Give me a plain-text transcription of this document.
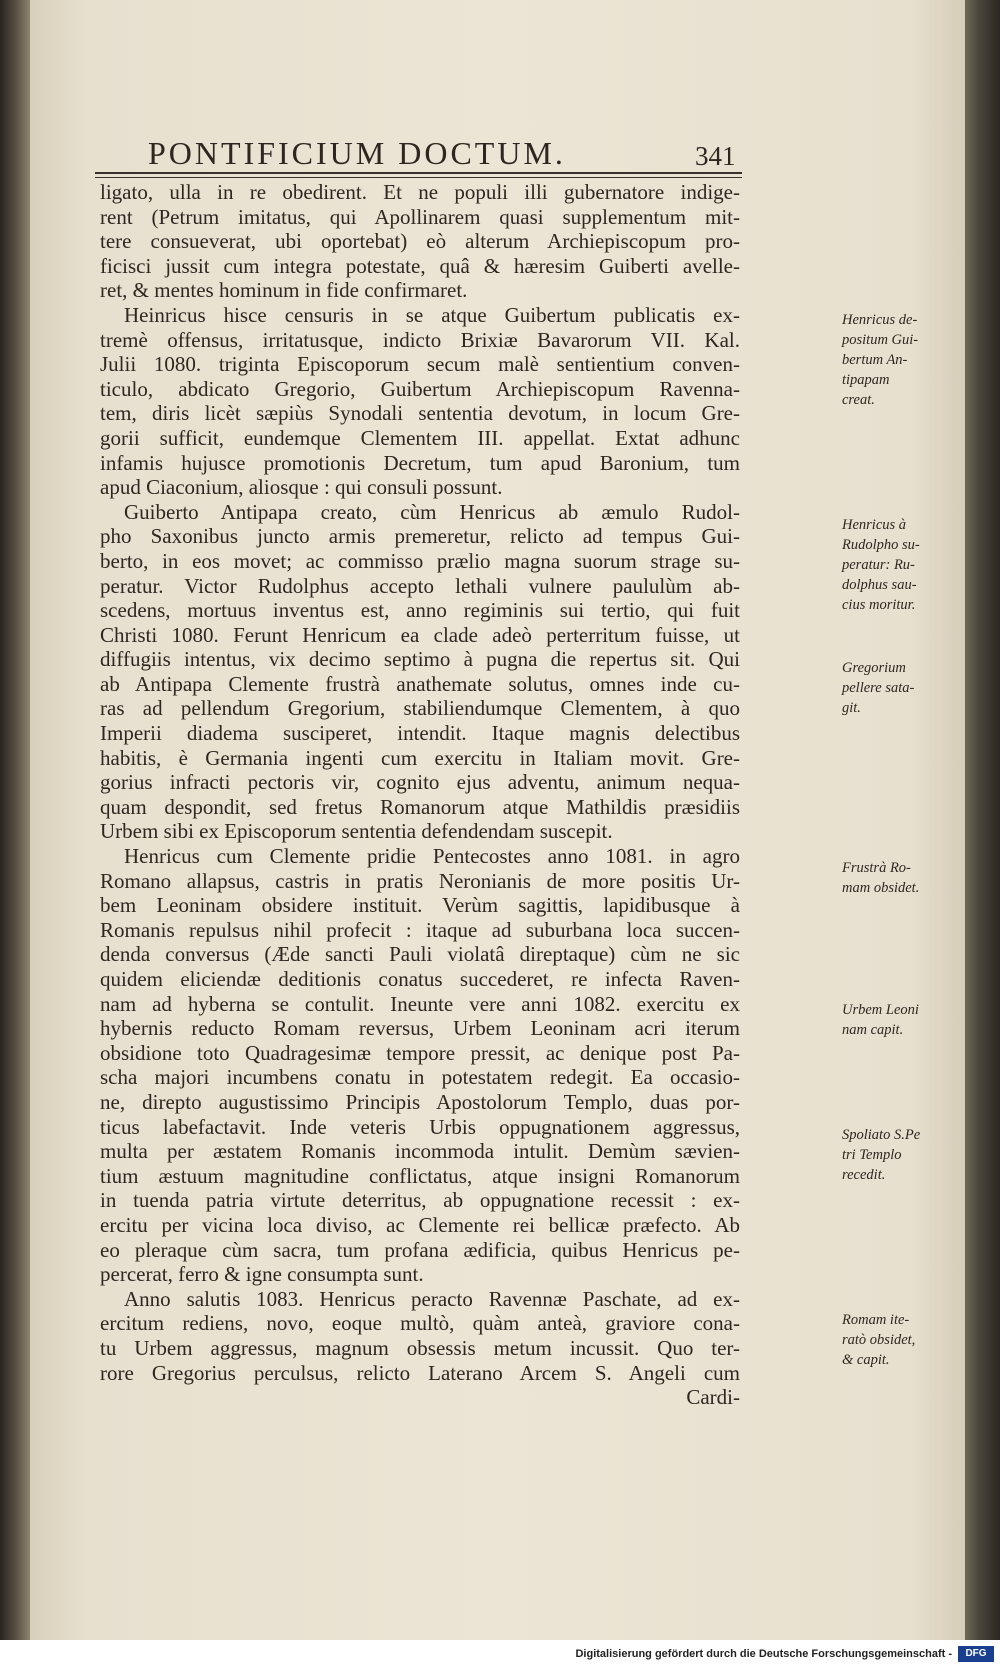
PONTIFICIUM DOCTUM.	341
ligato, ulla in re obedirent. Et ne populi illi gubernatore indige-
rent (Petrum imitatus, qui Apollinarem quasi supplementum mit-
tere consueverat, ubi oportebat) eò alterum Archiepiscopum pro-
ficisci jussit cum integra potestate, quâ & hæresim Guiberti avelle-
ret, & mentes hominum in fide confirmaret.
Heinricus hisce censuris in se atque Guibertum publicatis ex-
tremè offensus, irritatusque, indicto Brixiæ Bavarorum VII. Kal.
Julii 1080. triginta Episcoporum secum malè sentientium conven-
ticulo, abdicato Gregorio, Guibertum Archiepiscopum Ravenna-
tem, diris licèt sæpiùs Synodali sententia devotum, in locum Gre-
gorii sufficit, eundemque Clementem III. appellat. Extat adhunc
infamis hujusce promotionis Decretum, tum apud Baronium, tum
apud Ciaconium, aliosque : qui consuli possunt.
Guiberto Antipapa creato, cùm Henricus ab æmulo Rudol-
pho Saxonibus juncto armis premeretur, relicto ad tempus Gui-
berto, in eos movet; ac commisso prælio magna suorum strage su-
peratur. Victor Rudolphus accepto lethali vulnere paululùm ab-
scedens, mortuus inventus est, anno regiminis sui tertio, qui fuit
Christi 1080. Ferunt Henricum ea clade adeò perterritum fuisse, ut
diffugiis intentus, vix decimo septimo à pugna die repertus sit. Qui
ab Antipapa Clemente frustrà anathemate solutus, omnes inde cu-
ras ad pellendum Gregorium, stabiliendumque Clementem, à quo
Imperii diadema susciperet, intendit. Itaque magnis delectibus
habitis, è Germania ingenti cum exercitu in Italiam movit. Gre-
gorius infracti pectoris vir, cognito ejus adventu, animum nequa-
quam despondit, sed fretus Romanorum atque Mathildis præsidiis
Urbem sibi ex Episcoporum sententia defendendam suscepit.
Henricus cum Clemente pridie Pentecostes anno 1081. in agro
Romano allapsus, castris in pratis Neronianis de more positis Ur-
bem Leoninam obsidere instituit. Verùm sagittis, lapidibusque à
Romanis repulsus nihil profecit : itaque ad suburbana loca succen-
denda conversus (Æde sancti Pauli violatâ direptaque) cùm ne sic
quidem eliciendæ deditionis conatus succederet, re infecta Raven-
nam ad hyberna se contulit. Ineunte vere anni 1082. exercitu ex
hybernis reducto Romam reversus, Urbem Leoninam acri iterum
obsidione toto Quadragesimæ tempore pressit, ac denique post Pa-
scha majori incumbens conatu in potestatem redegit. Ea occasio-
ne, direpto augustissimo Principis Apostolorum Templo, duas por-
ticus labefactavit. Inde veteris Urbis oppugnationem aggressus,
multa per æstatem Romanis incommoda intulit. Demùm sævien-
tium æstuum magnitudine conflictatus, atque insigni Romanorum
in tuenda patria virtute deterritus, ab oppugnatione recessit : ex-
ercitu per vicina loca diviso, ac Clemente rei bellicæ præfecto. Ab
eo pleraque cùm sacra, tum profana ædificia, quibus Henricus pe-
percerat, ferro & igne consumpta sunt.
Anno salutis 1083. Henricus peracto Ravennæ Paschate, ad ex-
ercitum rediens, novo, eoque multò, quàm anteà, graviore cona-
tu Urbem aggressus, magnum obsessis metum incussit. Quo ter-
rore Gregorius perculsus, relicto Laterano Arcem S. Angeli cum
Cardi-
Henricus de-
positum Gui-
bertum An-
tipapam
creat.
Henricus à
Rudolpho su-
peratur: Ru-
dolphus sau-
cius moritur.
Gregorium
pellere sata-
git.
Frustrà Ro-
mam obsidet.
Urbem Leoni
nam capit.
Spoliato S.Pe
tri Templo
recedit.
Romam ite-
ratò obsidet,
& capit.
Digitalisierung gefördert durch die Deutsche Forschungsgemeinschaft -	DFG
